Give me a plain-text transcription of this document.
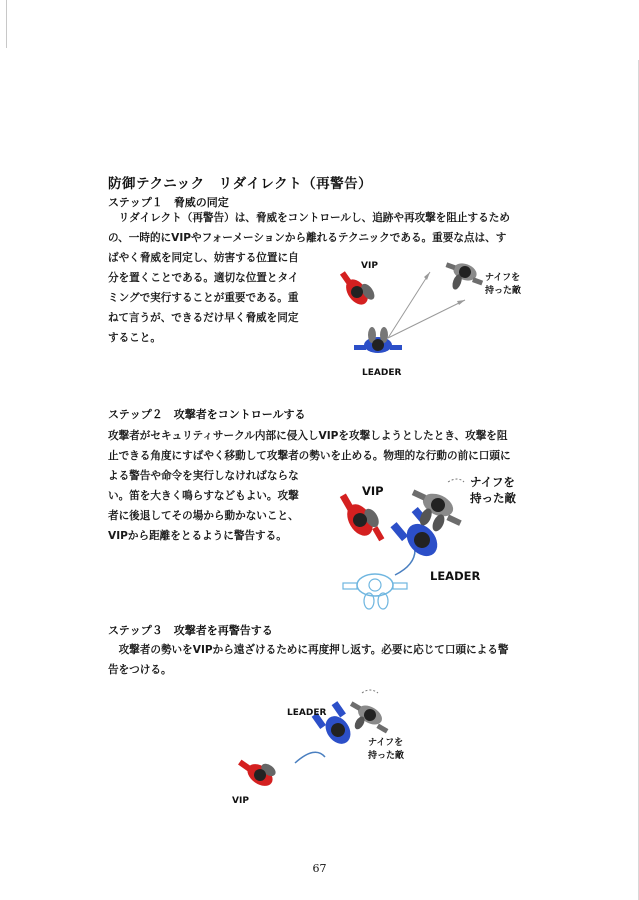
防御テクニック　リダイレクト（再警告）
ステップ１　脅威の同定
　リダイレクト（再警告）は、脅威をコントロールし、追跡や再攻撃を阻止するため
の、一時的にVIPやフォーメーションから離れるテクニックである。重要な点は、す
ばやく脅威を同定し、妨害する位置に自
分を置くことである。適切な位置とタイ
ミングで実行することが重要である。重
ねて言うが、できるだけ早く脅威を同定
すること。
VIP
LEADER
ナイフを
持った敵
ステップ２　攻撃者をコントロールする
攻撃者がセキュリティサークル内部に侵入しVIPを攻撃しようとしたとき、攻撃を阻
止できる角度にすばやく移動して攻撃者の勢いを止める。物理的な行動の前に口頭に
よる警告や命令を実行しなければならな
い。笛を大きく鳴らすなどもよい。攻撃
者に後退してその場から動かないこと、
VIPから距離をとるように警告する。
VIP
LEADER
ナイフを
持った敵
ステップ３　攻撃者を再警告する
　攻撃者の勢いをVIPから遠ざけるために再度押し返す。必要に応じて口頭による警
告をつける。
LEADER
ナイフを
持った敵
VIP
67
